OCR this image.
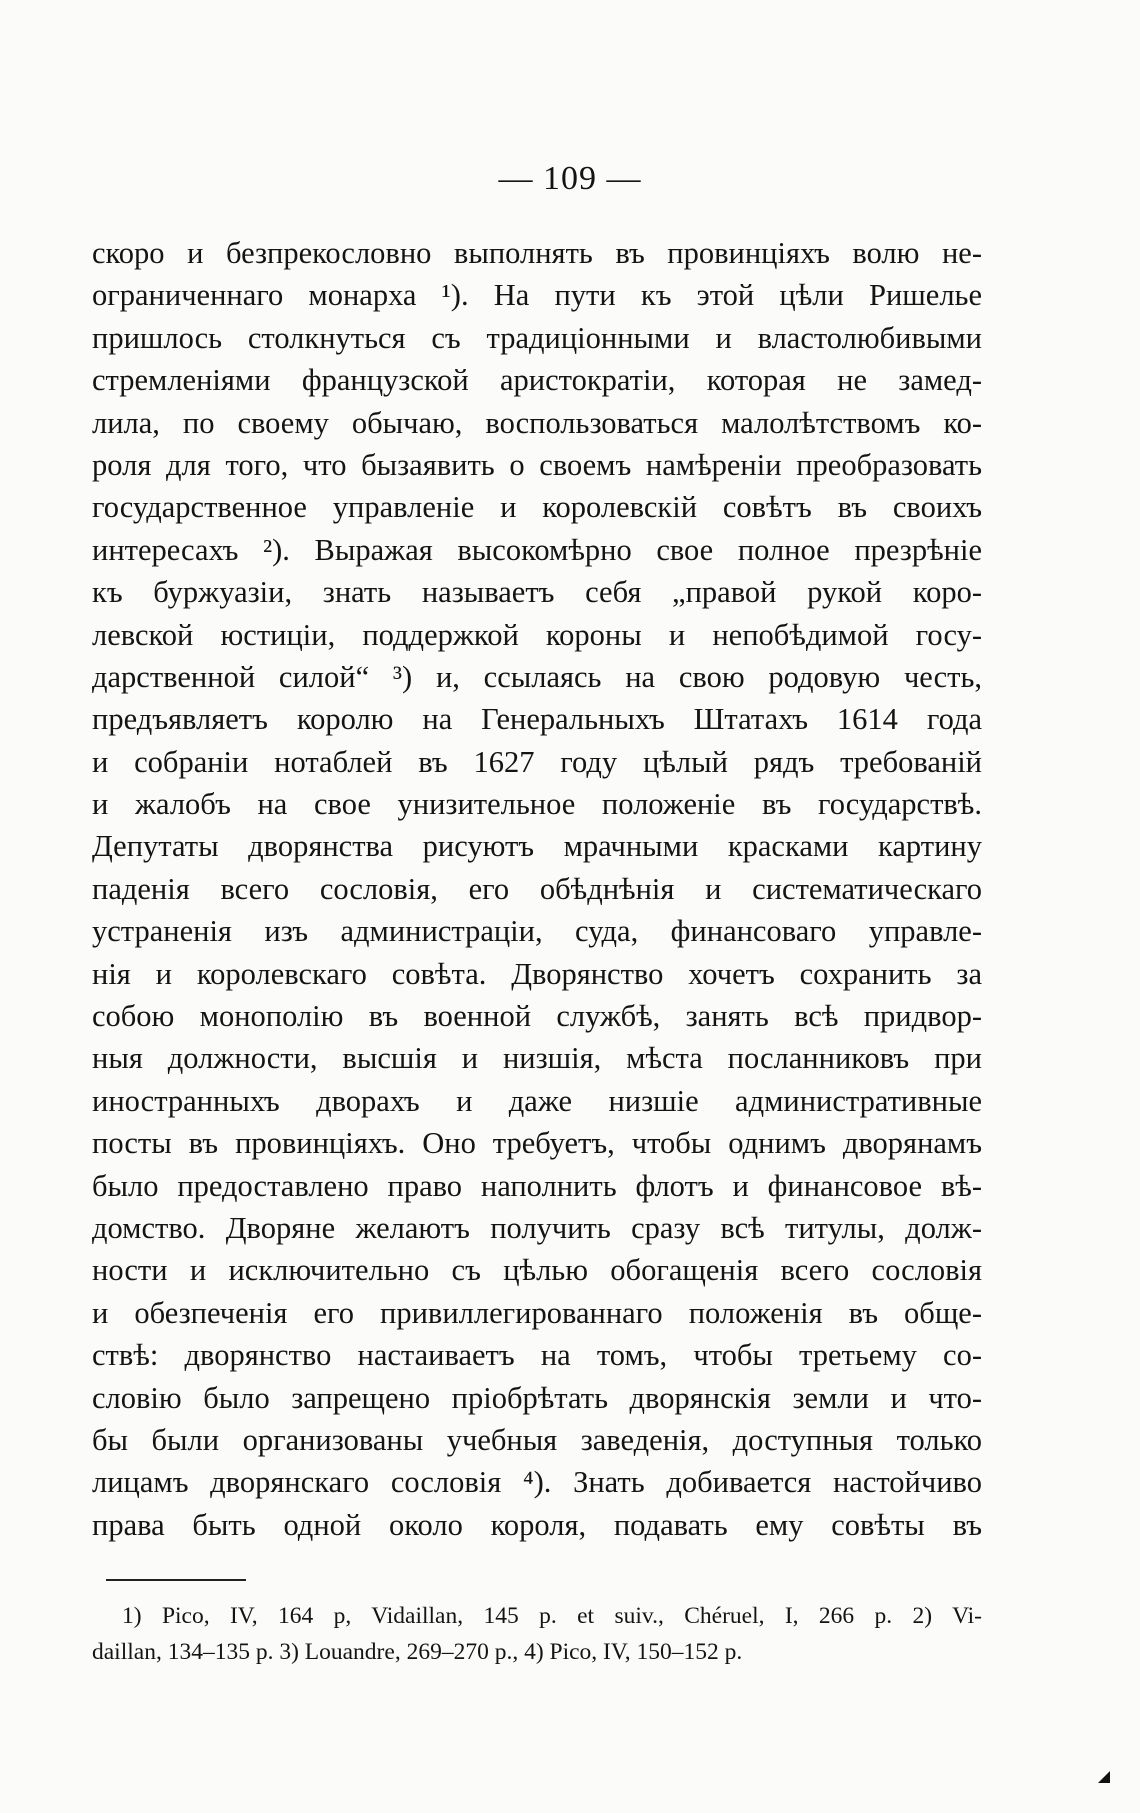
— 109 —
скоро и безпрекословно выполнять въ провинціяхъ волю не-
ограниченнаго монарха ¹). На пути къ этой цѣли Ришелье
пришлось столкнуться съ традиціонными и властолюбивыми
стремленіями французской аристократіи, которая не замед-
лила, по своему обычаю, воспользоваться малолѣтствомъ ко-
роля для того, что бызаявить о своемъ намѣреніи преобразовать
государственное управленіе и королевскій совѣтъ въ своихъ
интересахъ ²). Выражая высокомѣрно свое полное презрѣніе
къ буржуазіи, знать называетъ себя „правой рукой коро-
левской юстиціи, поддержкой короны и непобѣдимой госу-
дарственной силой“ ³) и, ссылаясь на свою родовую честь,
предъявляетъ королю на Генеральныхъ Штатахъ 1614 года
и собраніи нотаблей въ 1627 году цѣлый рядъ требованій
и жалобъ на свое унизительное положеніе въ государствѣ.
Депутаты дворянства рисуютъ мрачными красками картину
паденія всего сословія, его обѣднѣнія и систематическаго
устраненія изъ администраціи, суда, финансоваго управле-
нія и королевскаго совѣта. Дворянство хочетъ сохранить за
собою монополію въ военной службѣ, занять всѣ придвор-
ныя должности, высшія и низшія, мѣста посланниковъ при
иностранныхъ дворахъ и даже низшіе административные
посты въ провинціяхъ. Оно требуетъ, чтобы однимъ дворянамъ
было предоставлено право наполнить флотъ и финансовое вѣ-
домство. Дворяне желаютъ получить сразу всѣ титулы, долж-
ности и исключительно съ цѣлью обогащенія всего сословія
и обезпеченія его привиллегированнаго положенія въ обще-
ствѣ: дворянство настаиваетъ на томъ, чтобы третьему со-
словію было запрещено пріобрѣтать дворянскія земли и что-
бы были организованы учебныя заведенія, доступныя только
лицамъ дворянскаго сословія ⁴). Знать добивается настойчиво
права быть одной около короля, подавать ему совѣты въ
1) Pico, IV, 164 p, Vidaillan, 145 p. et suiv., Chéruel, I, 266 p. 2) Vi-
daillan, 134–135 p. 3) Louandre, 269–270 p., 4) Pico, IV, 150–152 p.
